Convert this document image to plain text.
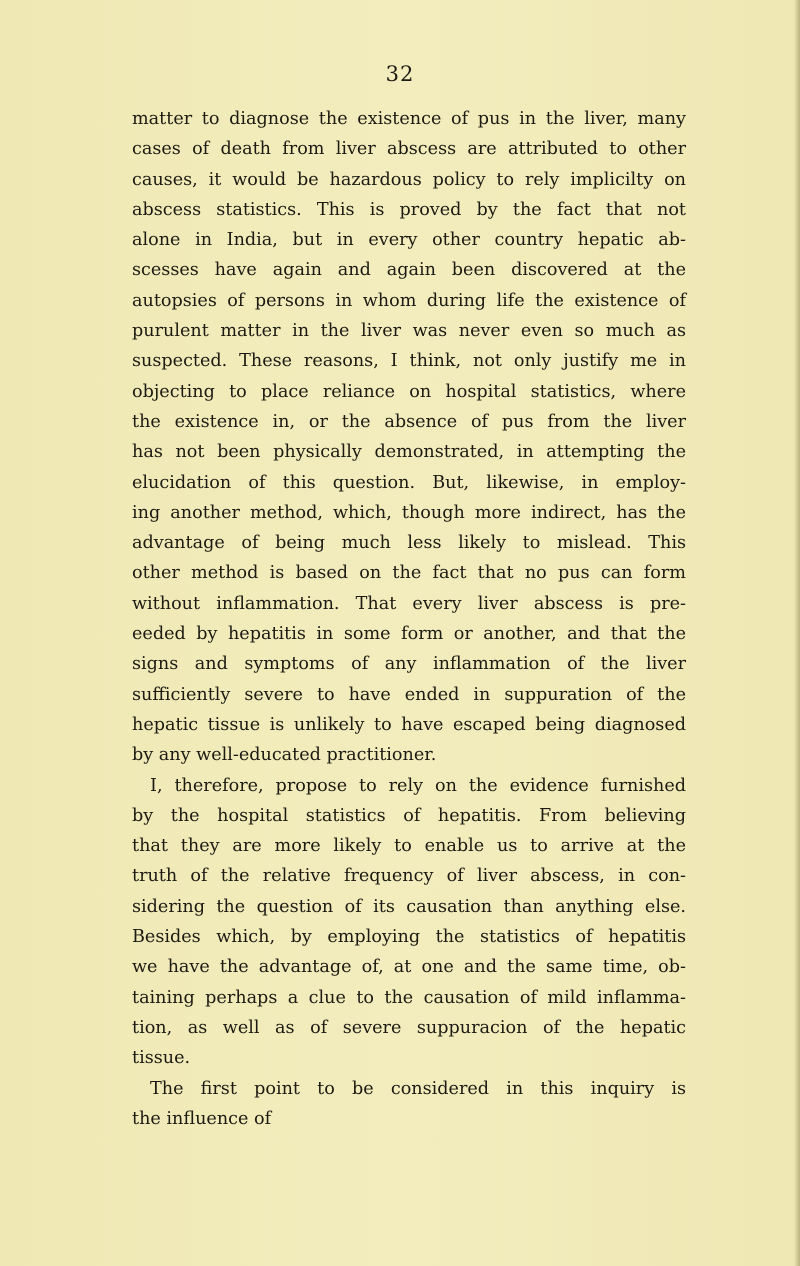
32
matter to diagnose the existence of pus in the liver, many
cases of death from liver abscess are attributed to other
causes, it would be hazardous policy to rely implicilty on
abscess statistics. This is proved by the fact that not
alone in India, but in every other country hepatic ab-
scesses have again and again been discovered at the
autopsies of persons in whom during life the existence of
purulent matter in the liver was never even so much as
suspected. These reasons, I think, not only justify me in
objecting to place reliance on hospital statistics, where
the existence in, or the absence of pus from the liver
has not been physically demonstrated, in attempting the
elucidation of this question. But, likewise, in employ-
ing another method, which, though more indirect, has the
advantage of being much less likely to mislead. This
other method is based on the fact that no pus can form
without inflammation. That every liver abscess is pre-
eeded by hepatitis in some form or another, and that the
signs and symptoms of any inflammation of the liver
sufficiently severe to have ended in suppuration of the
hepatic tissue is unlikely to have escaped being diagnosed
by any well-educated practitioner.
I, therefore, propose to rely on the evidence furnished
by the hospital statistics of hepatitis. From believing
that they are more likely to enable us to arrive at the
truth of the relative frequency of liver abscess, in con-
sidering the question of its causation than anything else.
Besides which, by employing the statistics of hepatitis
we have the advantage of, at one and the same time, ob-
taining perhaps a clue to the causation of mild inflamma-
tion, as well as of severe suppuracion of the hepatic
tissue.
The first point to be considered in this inquiry is
the influence of
